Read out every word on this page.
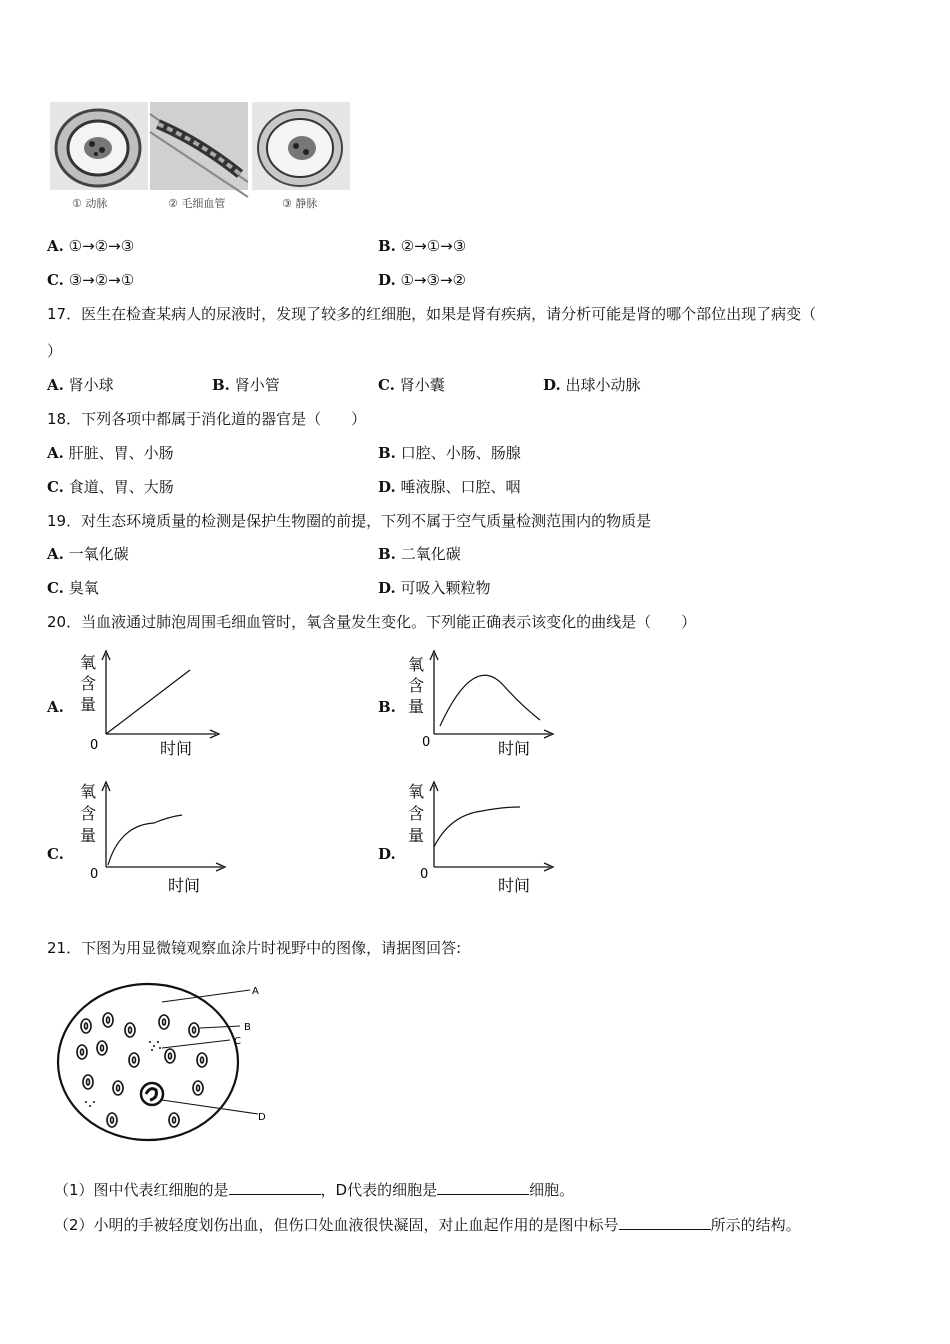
① 动脉	② 毛细血管	③ 静脉
A. ①→②→③	B. ②→①→③
C. ③→②→①	D. ①→③→②
17．医生在检查某病人的尿液时，发现了较多的红细胞，如果是肾有疾病，请分析可能是肾的哪个部位出现了病变（
）
A. 肾小球	B. 肾小管	C. 肾小囊	D. 出球小动脉
18．下列各项中都属于消化道的器官是（　　）
A. 肝脏、胃、小肠	B. 口腔、小肠、肠腺
C. 食道、胃、大肠	D. 唾液腺、口腔、咽
19．对生态环境质量的检测是保护生物圈的前提，下列不属于空气质量检测范围内的物质是
A. 一氧化碳	B. 二氧化碳
C. 臭氧	D. 可吸入颗粒物
20．当血液通过肺泡周围毛细血管时，氧含量发生变化。下列能正确表示该变化的曲线是（　　）
A.
氧
含
量
0	时间
B.
氧
含
量
0	时间
C.
氧
含
量
0
时间
D.
氧
含
量
0
时间
21．下图为用显微镜观察血涂片时视野中的图像，请据图回答:
A
B
C
D
（1）图中代表红细胞的是	，D代表的细胞是	细胞。
（2）小明的手被轻度划伤出血，但伤口处血液很快凝固，对止血起作用的是图中标号	所示的结构。
